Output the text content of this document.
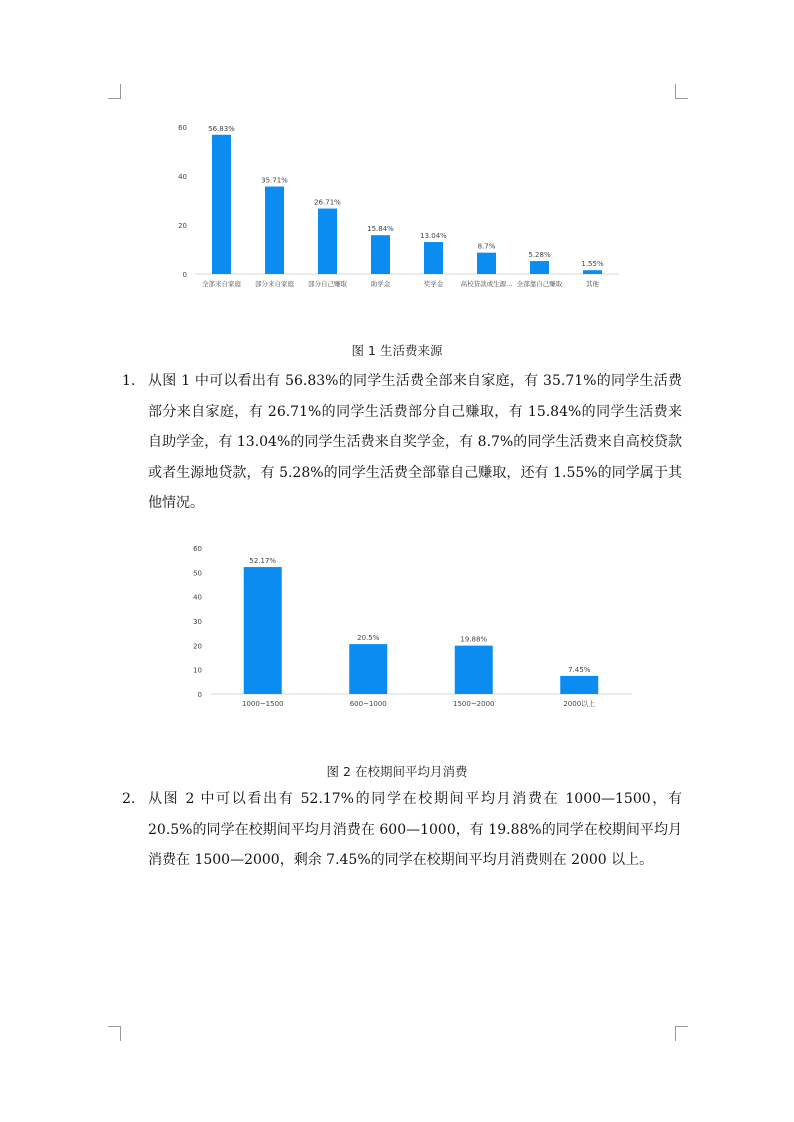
0
20
40
60	56.83%
全部来自家庭
35.71%
部分来自家庭
26.71%
部分自己赚取
15.84%
助学金
13.04%
奖学金
8.7%
高校贷款或生源...
5.28%
全部靠自己赚取
1.55%
其他
图 1 生活费来源
1. 从图 1 中可以看出有 56.83%的同学生活费全部来自家庭，有 35.71%的同学生活费部分来自家庭，有 26.71%的同学生活费部分自己赚取，有 15.84%的同学生活费来自助学金，有 13.04%的同学生活费来自奖学金，有 8.7%的同学生活费来自高校贷款或者生源地贷款，有 5.28%的同学生活费全部靠自己赚取，还有 1.55%的同学属于其他情况。
0
10
20
30
40
50
60
52.17%
1000~1500
20.5%
600~1000
19.88%
1500~2000
7.45%
2000以上
图 2 在校期间平均月消费
2. 从图 2 中可以看出有 52.17%的同学在校期间平均月消费在 1000—1500，有 20.5%的同学在校期间平均月消费在 600—1000，有 19.88%的同学在校期间平均月消费在 1500—2000，剩余 7.45%的同学在校期间平均月消费则在 2000 以上。
